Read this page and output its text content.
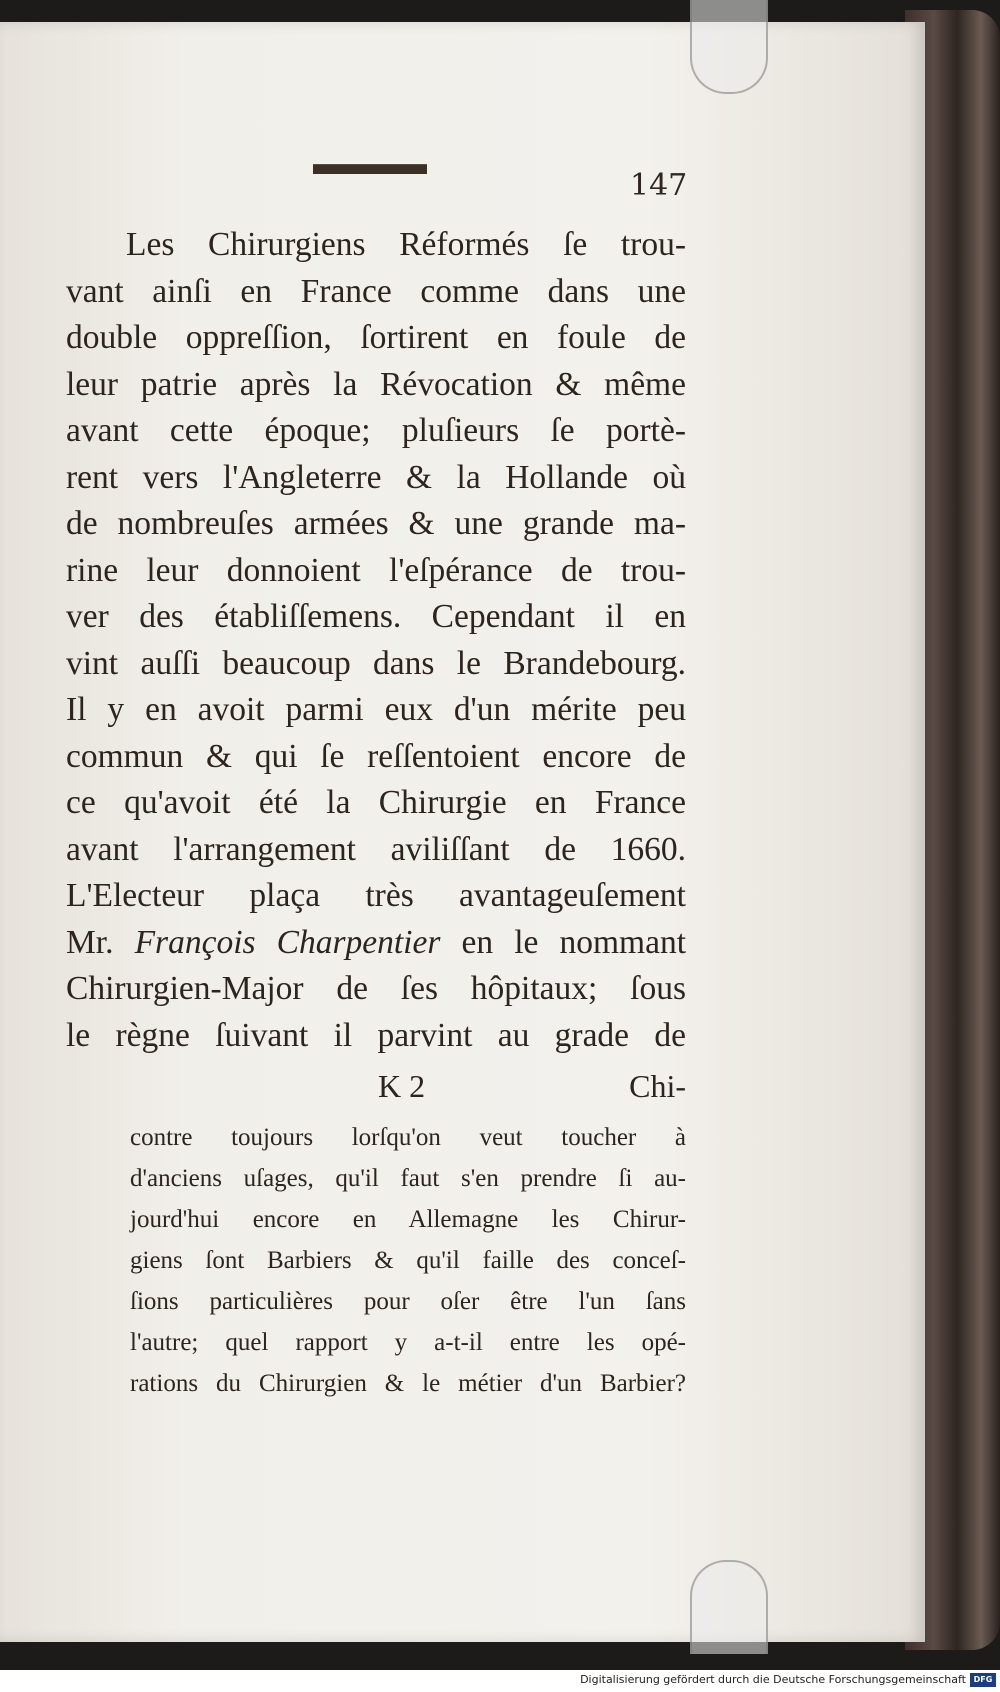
147

Les Chirurgiens Réformés ſe trou-
vant ainſi en France comme dans une
double oppreſſion, ſortirent en foule de
leur patrie après la Révocation & même
avant cette époque; pluſieurs ſe portè-
rent vers l'Angleterre & la Hollande où
de nombreuſes armées & une grande ma-
rine leur donnoient l'eſpérance de trou-
ver des établiſſemens. Cependant il en
vint auſſi beaucoup dans le Brandebourg.
Il y en avoit parmi eux d'un mérite peu
commun & qui ſe reſſentoient encore de
ce qu'avoit été la Chirurgie en France
avant l'arrangement aviliſſant de 1660.
L'Electeur plaça très avantageuſement
Mr. François Charpentier en le nommant
Chirurgien-Major de ſes hôpitaux; ſous
le règne ſuivant il parvint au grade de

K 2	Chi-

contre toujours lorſqu'on veut toucher à
d'anciens uſages, qu'il faut s'en prendre ſi au-
jourd'hui encore en Allemagne les Chirur-
giens ſont Barbiers & qu'il faille des conceſ-
ſions particulières pour oſer être l'un ſans
l'autre; quel rapport y a-t-il entre les opé-
rations du Chirurgien & le métier d'un Barbier?

Digitalisierung gefördert durch die Deutsche Forschungsgemeinschaft DFG
